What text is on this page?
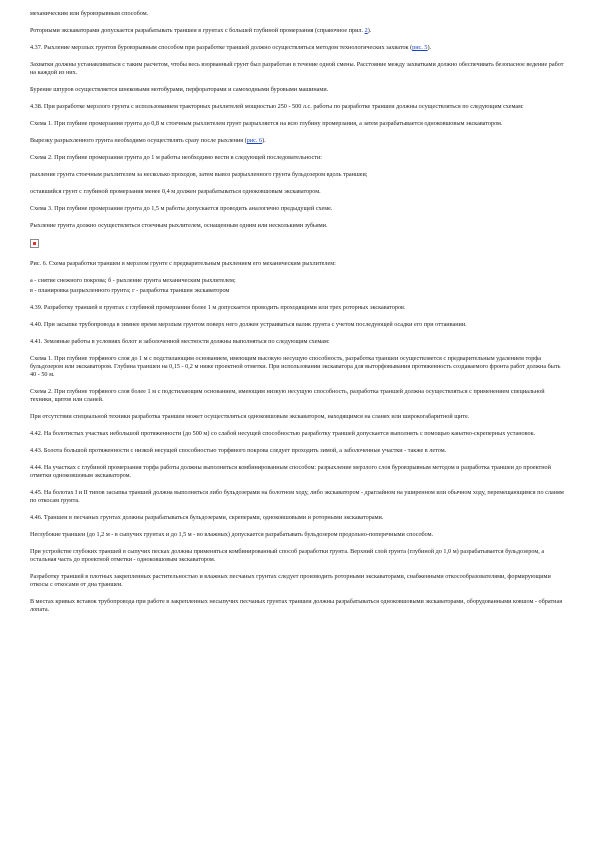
механическим или буровзрывным способом.

Роторными экскаваторами допускается разрабатывать траншеи в грунтах с большей глубиной промерзания (справочное прил. 2).

4.37. Рыхление мерзлых грунтов буровзрывным способом при разработке траншей должно осуществляться методом технологических захваток (рис. 5).

Захватки должны устанавливаться с таким расчетом, чтобы весь взорванный грунт был разработан в течение одной смены. Расстояние между захватками должно обеспечивать безопасное ведение работ на каждой из них.

Бурение шпуров осуществляется шнековыми мотобурами, перфораторами и самоходными буровыми машинами.

4.38. При разработке мерзлого грунта с использованием тракторных рыхлителей мощностью 250 - 500 л.с. работы по разработке траншеи должны осуществляться по следующим схемам:

Схема 1. При глубине промерзания грунта до 0,8 м стоечным рыхлителем грунт разрыхляется на всю глубину промерзания, а затем разрабатывается одноковшовым экскаватором.

Вырезку разрыхленного грунта необходимо осуществлять сразу после рыхления (рис. 6).

Схема 2. При глубине промерзания грунта до 1 м работы необходимо вести в следующей последовательности:

рыхление грунта стоечным рыхлителем за несколько проходов, затем вывоз разрыхленного грунта бульдозером вдоль траншеи;

оставшийся грунт с глубиной промерзания менее 0,4 м должен разрабатываться одноковшовым экскаватором.

Схема 3. При глубине промерзания грунта до 1,5 м работы допускается проводить аналогично предыдущей схеме.

Рыхление грунта должно осуществляться стоечным рыхлителем, оснащенным одним или несколькими зубьями.

Рис. 6. Схема разработки траншеи в мерзлом грунте с предварительным рыхлением его механическим рыхлителем:

а - снятие снежного покрова; б - рыхление грунта механическим рыхлителем;

в - планировка разрыхленного грунта; г - разработка траншеи экскаватором

4.39. Разработку траншей в грунтах с глубиной промерзания более 1 м допускается проводить проходящими или трех роторных экскаваторов.

4.40. При засыпке трубопровода в зимнее время мерзлым грунтом поверх него должен устраиваться валик грунта с учетом последующей осадки его при оттаивании.

4.41. Земляные работы в условиях болот и заболоченной местности должны выполняться по следующим схемам:

Схема 1. При глубине торфяного слоя до 1 м с подстилающим основанием, имеющим высокую несущую способность, разработка траншеи осуществляется с предварительным удалением торфа бульдозером или экскаватором. Глубина траншеи на 0,15 - 0,2 м ниже проектной отметки. При использовании экскаватора для выторфовывания протяженность создаваемого фронта работ должна быть 40 - 50 м.

Схема 2. При глубине торфяного слоя более 1 м с подстилающим основанием, имеющим низкую несущую способность, разработка траншей должна осуществляться с применением специальной техники, щитов или сланей.

При отсутствии специальной техники разработка траншеи может осуществляться одноковшовым экскаватором, находящимся на сланях или широкогабаритной щите.

4.42. На болотистых участках небольшой протяженности (до 500 м) со слабой несущей способностью разработку траншей допускается выполнять с помощью канатно-скреперных установок.

4.43. Болота большой протяженности с низкой несущей способностью торфяного покрова следует проходить зимой, а заболоченные участки - также в летом.

4.44. На участках с глубиной промерзания торфа работы должны выполняться комбинированным способом: разрыхление мерзлого слоя буровзрывным методом и разработка траншеи до проектной отметки одноковшовым экскаватором.

4.45. На болотах I и II типов засыпка траншей должна выполняться либо бульдозерами на болотном ходу, либо экскаватором - драглайном на уширенном или обычном ходу, перемещающимся по сланям по откосам грунта.

4.46. Траншеи в песчаных грунтах должны разрабатываться бульдозерами, скреперами, одноковшовыми и роторными экскаваторами.

Неглубокие траншеи (до 1,2 м - в сыпучих грунтах и до 1,5 м - во влажных) допускается разрабатывать бульдозером продольно-поперечными способом.

При устройстве глубоких траншей в сыпучих песках должны применяться комбинированный способ разработки грунта. Верхний слой грунта (глубиной до 1,0 м) разрабатывается бульдозером, а остальная часть до проектной отметки - одноковшовым экскаватором.

Разработку траншей в плотных закрепленных растительностью и влажных песчаных грунтах следует производить роторными экскаваторами, снабженными откосообразователями, формирующими откосы с откосами от дна траншеи.

В местах кривых вставок трубопровода при работе в закрепленных несыпучих песчаных грунтах траншеи должны разрабатываться одноковшовыми экскаваторами, оборудованными ковшом - обратная лопата.
